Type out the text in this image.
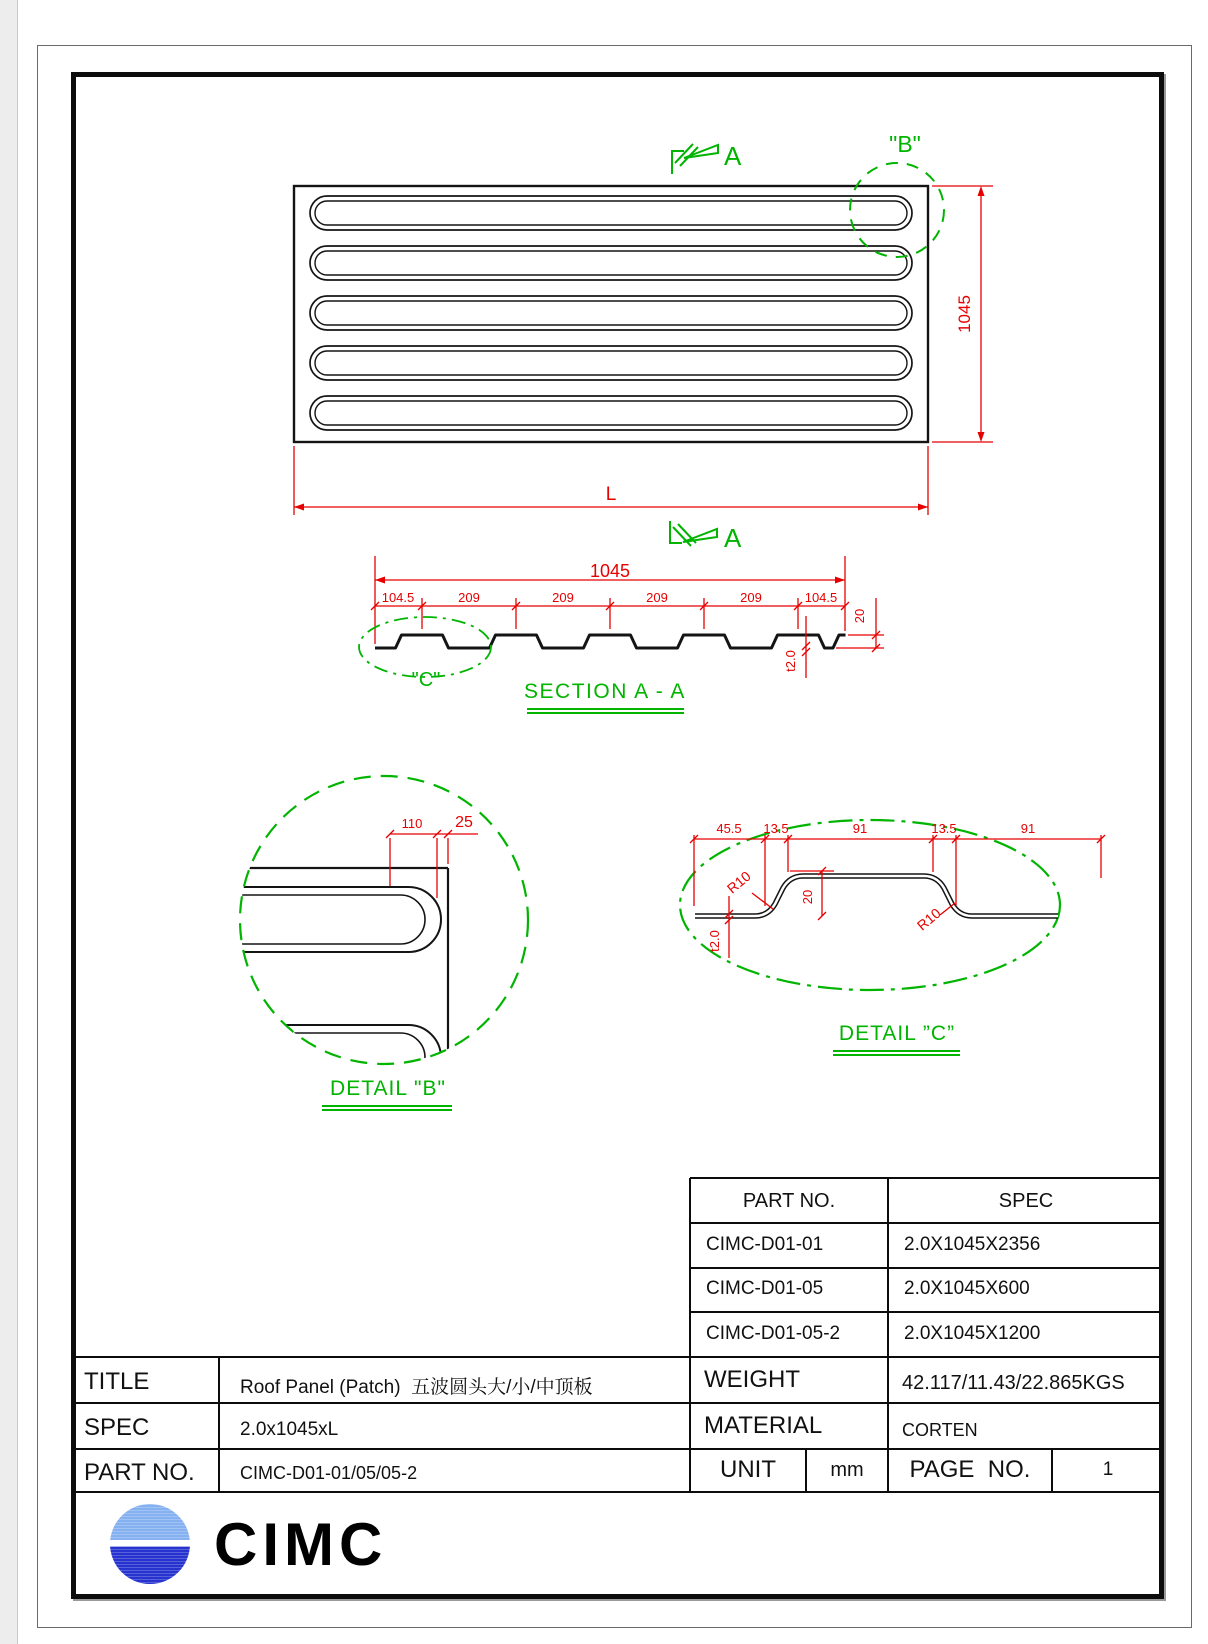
"B"
A
A
1045
L
1045
104.5	209	209	209	209	104.5
20
t2.0
"C"	SECTION A - A
110 25
DETAIL "B"
45.5 13.5	91	13.5	91
R10
R10
20
t2.0
DETAIL ”C”
PART NO.	SPEC
CIMC-D01-01	2.0X1045X2356
CIMC-D01-05	2.0X1045X600
CIMC-D01-05-2	2.0X1045X1200
TITLE	Roof Panel (Patch)  五波圆头大/小/中顶板	WEIGHT	42.117/11.43/22.865KGS
SPEC	2.0x1045xL	MATERIAL	CORTEN
PART NO.	CIMC-D01-01/05/05-2	UNIT	mm	PAGE  NO.	1
CIMC
